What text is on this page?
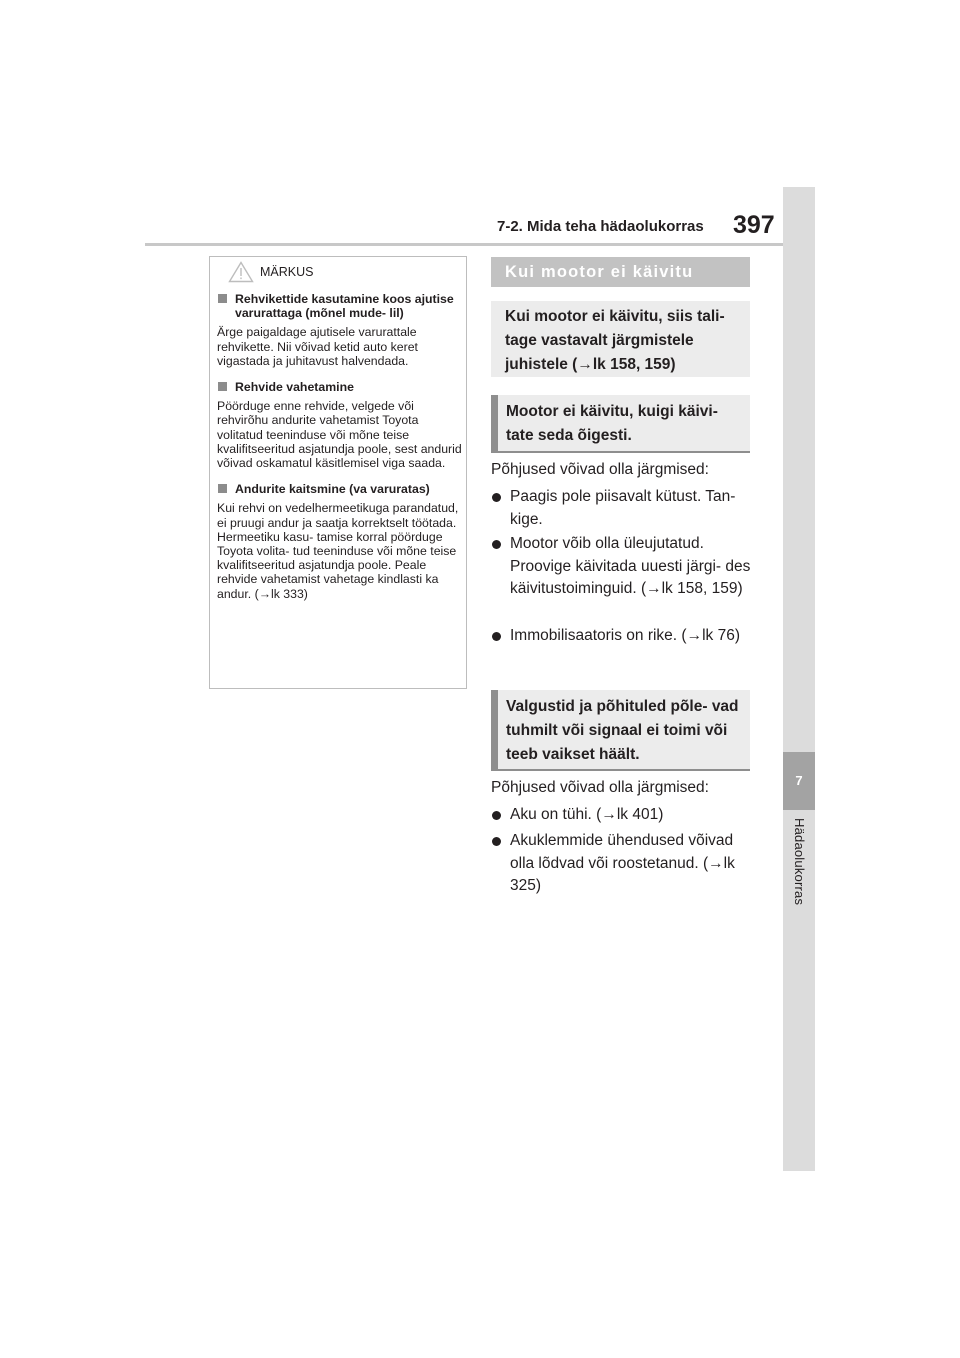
7-2. Mida teha hädaolukorras 397
7
Hädaolukorras
MÄRKUS
Rehvikettide kasutamine koos ajutise varurattaga (mõnel mude- lil)
Ärge paigaldage ajutisele varurattale rehvikette. Nii võivad ketid auto keret vigastada ja juhitavust halvendada.
Rehvide vahetamine
Pöörduge enne rehvide, velgede või rehvirõhu andurite vahetamist Toyota volitatud teeninduse või mõne teise kvalifitseeritud asjatundja poole, sest andurid võivad oskamatul käsitlemisel viga saada.
Andurite kaitsmine (va varuratas)
Kui rehvi on vedelhermeetikuga parandatud, ei pruugi andur ja saatja korrektselt töötada. Hermeetiku kasu- tamise korral pöörduge Toyota volita- tud teeninduse või mõne teise kvalifitseeritud asjatundja poole. Peale rehvide vahetamist vahetage kindlasti ka andur. (→lk 333)
Kui mootor ei käivitu
Kui mootor ei käivitu, siis tali- tage vastavalt järgmistele juhistele (→lk 158, 159)
Mootor ei käivitu, kuigi käivi- tate seda õigesti.
Põhjused võivad olla järgmised:
Paagis pole piisavalt kütust. Tan- kige.
Mootor võib olla üleujutatud. Proovige käivitada uuesti järgi- des käivitustoiminguid. (→lk 158, 159)
Immobilisaatoris on rike. (→lk 76)
Valgustid ja põhituled põle- vad tuhmilt või signaal ei toimi või teeb vaikset häält.
Põhjused võivad olla järgmised:
Aku on tühi. (→lk 401)
Akuklemmide ühendused võivad olla lõdvad või roostetanud. (→lk 325)
